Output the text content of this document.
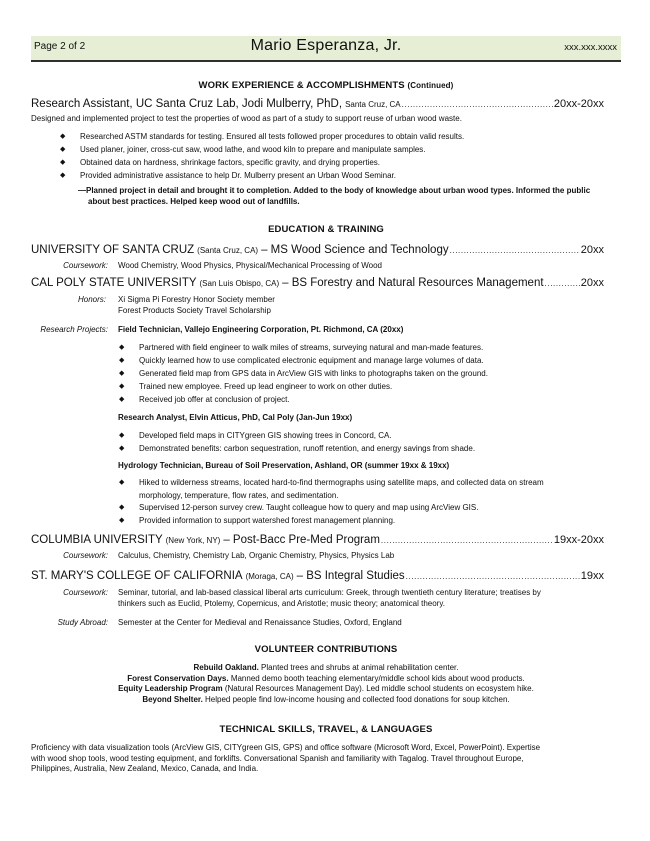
Page 2 of 2	Mario Esperanza, Jr.	xxx.xxx.xxxx
WORK EXPERIENCE & ACCOMPLISHMENTS (Continued)
Research Assistant, UC Santa Cruz Lab, Jodi Mulberry, PhD, Santa Cruz, CA .....	20xx-20xx
Designed and implemented project to test the properties of wood as part of a study to support reuse of urban wood waste.
◆ Researched ASTM standards for testing. Ensured all tests followed proper procedures to obtain valid results.
◆ Used planer, joiner, cross-cut saw, wood lathe, and wood kiln to prepare and manipulate samples.
◆ Obtained data on hardness, shrinkage factors, specific gravity, and drying properties.
◆ Provided administrative assistance to help Dr. Mulberry present an Urban Wood Seminar.
—Planned project in detail and brought it to completion. Added to the body of knowledge about urban wood types. Informed the public
about best practices. Helped keep wood out of landfills.
EDUCATION & TRAINING
UNIVERSITY OF SANTA CRUZ (Santa Cruz, CA) – MS Wood Science and Technology .....	20xx
Coursework: Wood Chemistry, Wood Physics, Physical/Mechanical Processing of Wood
CAL POLY STATE UNIVERSITY (San Luis Obispo, CA) – BS Forestry and Natural Resources Management .....	20xx
Honors: Xi Sigma Pi Forestry Honor Society member
Forest Products Society Travel Scholarship
Research Projects: Field Technician, Vallejo Engineering Corporation, Pt. Richmond, CA (20xx)
◆ Partnered with field engineer to walk miles of streams, surveying natural and man-made features.
◆ Quickly learned how to use complicated electronic equipment and manage large volumes of data.
◆ Generated field map from GPS data in ArcView GIS with links to photographs taken on the ground.
◆ Trained new employee. Freed up lead engineer to work on other duties.
◆ Received job offer at conclusion of project.
Research Analyst, Elvin Atticus, PhD, Cal Poly (Jan-Jun 19xx)
◆ Developed field maps in CITYgreen GIS showing trees in Concord, CA.
◆ Demonstrated benefits: carbon sequestration, runoff retention, and energy savings from shade.
Hydrology Technician, Bureau of Soil Preservation, Ashland, OR (summer 19xx & 19xx)
◆ Hiked to wilderness streams, located hard-to-find thermographs using satellite maps, and collected data on stream
morphology, temperature, flow rates, and sedimentation.
◆ Supervised 12-person survey crew. Taught colleague how to query and map using ArcView GIS.
◆ Provided information to support watershed forest management planning.
COLUMBIA UNIVERSITY (New York, NY) – Post-Bacc Pre-Med Program .....	19xx-20xx
Coursework: Calculus, Chemistry, Chemistry Lab, Organic Chemistry, Physics, Physics Lab
ST. MARY'S COLLEGE OF CALIFORNIA (Moraga, CA) – BS Integral Studies .....	19xx
Coursework: Seminar, tutorial, and lab-based classical liberal arts curriculum: Greek, through twentieth century literature; treatises by
thinkers such as Euclid, Ptolemy, Copernicus, and Aristotle; music theory; anatomical theory.
Study Abroad: Semester at the Center for Medieval and Renaissance Studies, Oxford, England
VOLUNTEER CONTRIBUTIONS
Rebuild Oakland. Planted trees and shrubs at animal rehabilitation center.
Forest Conservation Days. Manned demo booth teaching elementary/middle school kids about wood products.
Equity Leadership Program (Natural Resources Management Day). Led middle school students on ecosystem hike.
Beyond Shelter. Helped people find low-income housing and collected food donations for soup kitchen.
TECHNICAL SKILLS, TRAVEL, & LANGUAGES
Proficiency with data visualization tools (ArcView GIS, CITYgreen GIS, GPS) and office software (Microsoft Word, Excel, PowerPoint). Expertise
with wood shop tools, wood testing equipment, and forklifts. Conversational Spanish and familiarity with Tagalog. Travel throughout Europe,
Philippines, Australia, New Zealand, Mexico, Canada, and India.
